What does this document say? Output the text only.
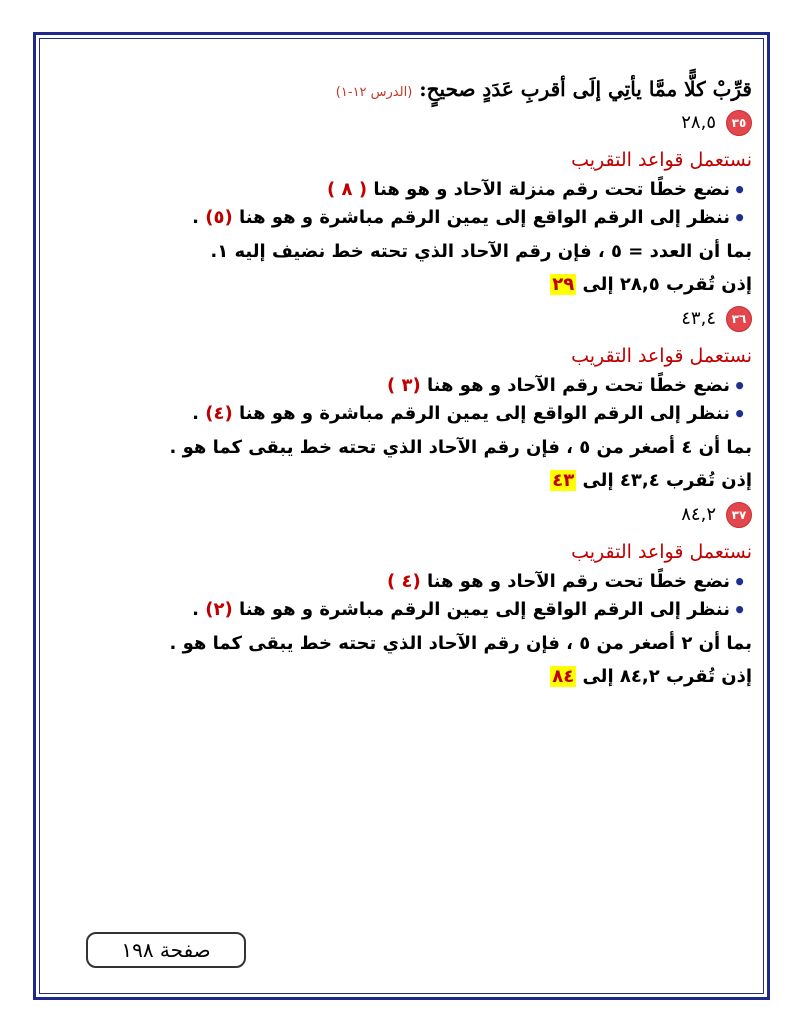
قرِّبْ كلًّا ممَّا يأتِي إلَى أقربِ عَدَدٍ صحيحٍ: (الدرس ١٢-١)
٣٥
٢٨,٥
نستعمل قواعد التقريب
• نضع خطًا تحت رقم منزلة الآحاد و هو هنا ( ٨ )
• ننظر إلى الرقم الواقع إلى يمين الرقم مباشرة و هو هنا (٥) .
بما أن العدد = ٥ ، فإن رقم الآحاد الذي تحته خط نضيف إليه ١.
إذن تُقرب ٢٨,٥ إلى ٢٩
٣٦
٤٣,٤
نستعمل قواعد التقريب
• نضع خطًا تحت رقم الآحاد و هو هنا (٣ )
• ننظر إلى الرقم الواقع إلى يمين الرقم مباشرة و هو هنا (٤) .
بما أن ٤ أصغر من ٥ ، فإن رقم الآحاد الذي تحته خط يبقى كما هو .
إذن تُقرب ٤٣,٤ إلى ٤٣
٣٧
٨٤,٢
نستعمل قواعد التقريب
• نضع خطًا تحت رقم الآحاد و هو هنا (٤ )
• ننظر إلى الرقم الواقع إلى يمين الرقم مباشرة و هو هنا (٢) .
بما أن ٢ أصغر من ٥ ، فإن رقم الآحاد الذي تحته خط يبقى كما هو .
إذن تُقرب ٨٤,٢ إلى ٨٤
صفحة ١٩٨
